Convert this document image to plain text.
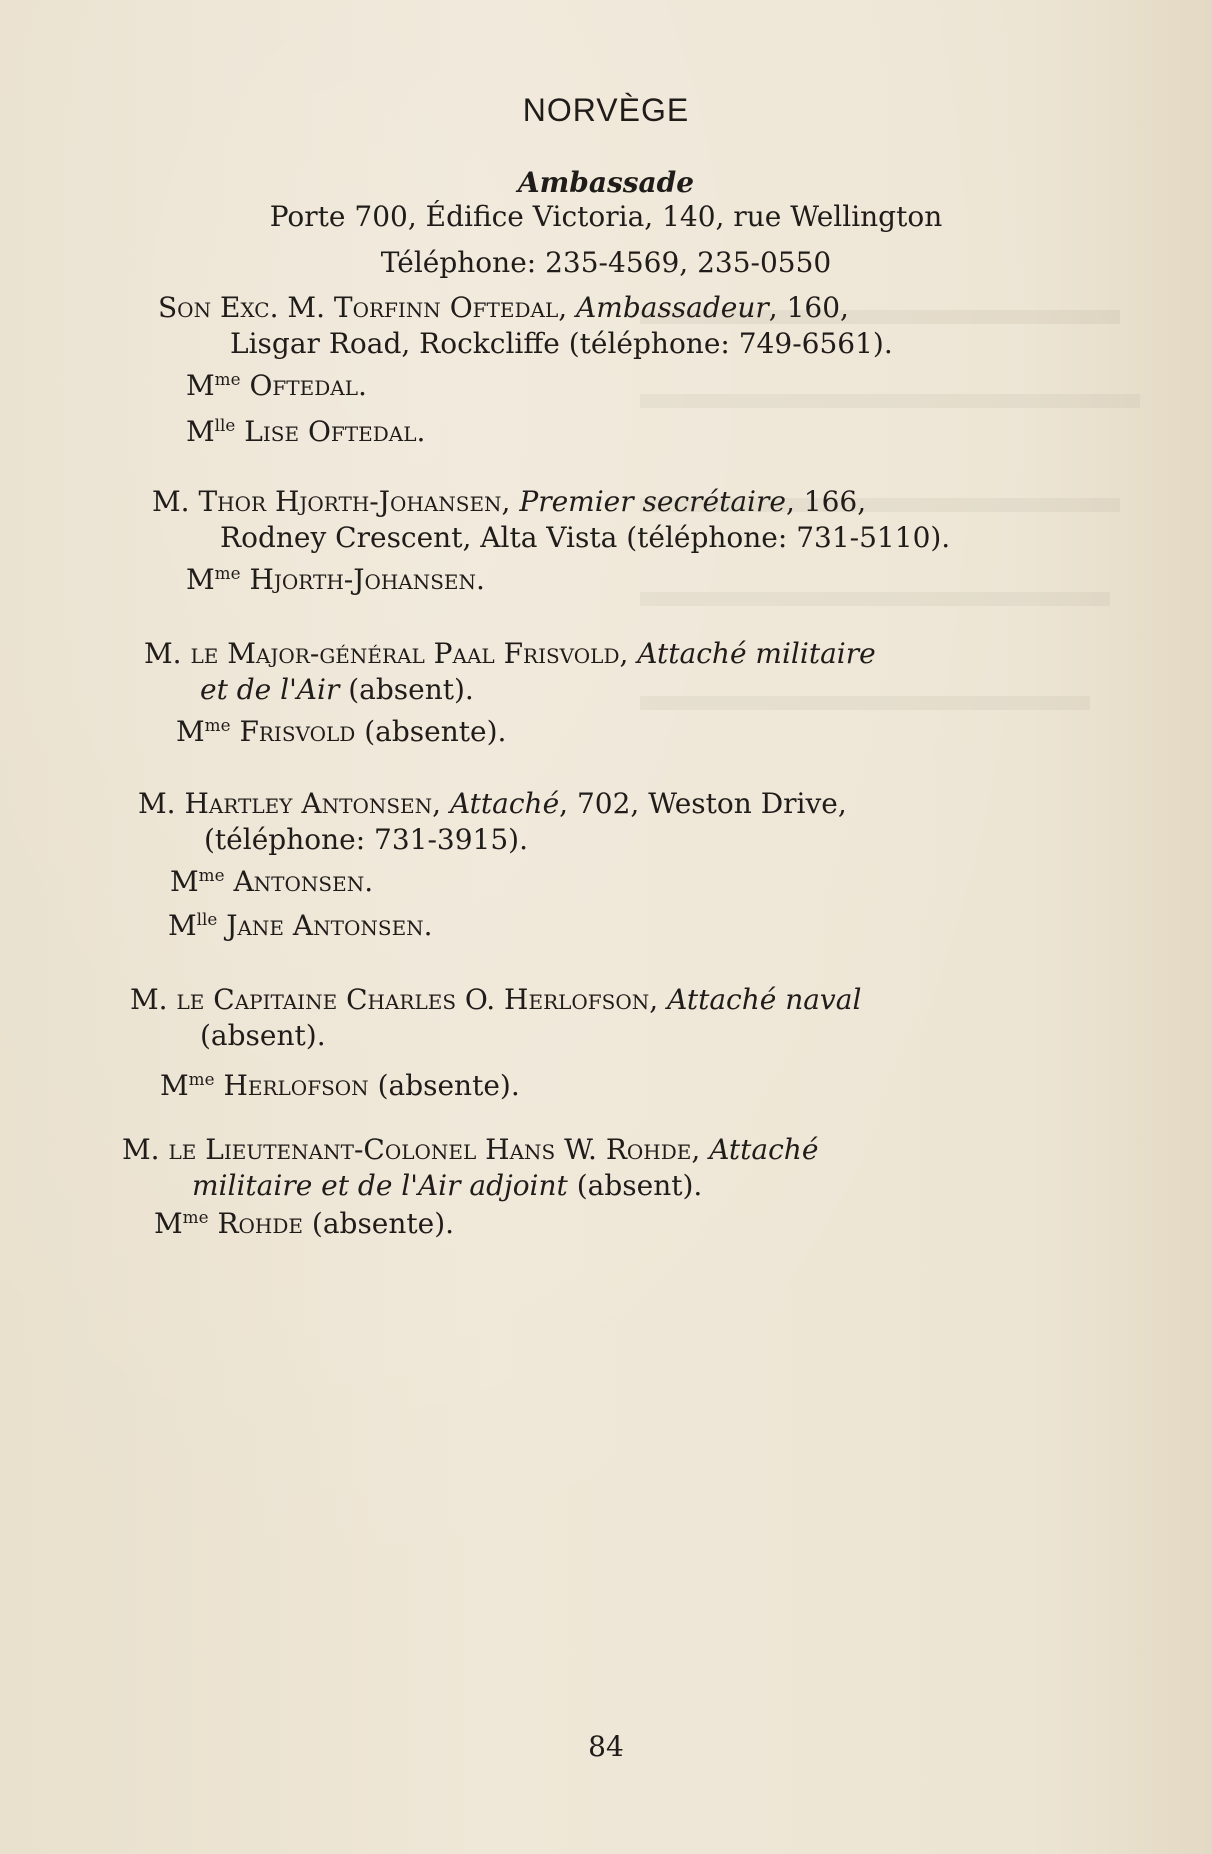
NORVÈGE
Ambassade
Porte 700, Édifice Victoria, 140, rue Wellington
Téléphone: 235-4569, 235-0550
Son Exc. M. Torfinn Oftedal, Ambassadeur, 160,
Lisgar Road, Rockcliffe (téléphone: 749-6561).
$M^{me}$ Oftedal.
$M^{lle}$ Lise Oftedal.
M. Thor Hjorth-Johansen, Premier secrétaire, 166,
Rodney Crescent, Alta Vista (téléphone: 731-5110).
$M^{me}$ Hjorth-Johansen.
M. le Major-général Paal Frisvold, Attaché militaire
et de l'Air (absent).
$M^{me}$ Frisvold (absente).
M. Hartley Antonsen, Attaché, 702, Weston Drive,
(téléphone: 731-3915).
$M^{me}$ Antonsen.
$M^{lle}$ Jane Antonsen.
M. le Capitaine Charles O. Herlofson, Attaché naval
(absent).
$M^{me}$ Herlofson (absente).
M. le Lieutenant-Colonel Hans W. Rohde, Attaché
militaire et de l'Air adjoint (absent).
$M^{me}$ Rohde (absente).
84
